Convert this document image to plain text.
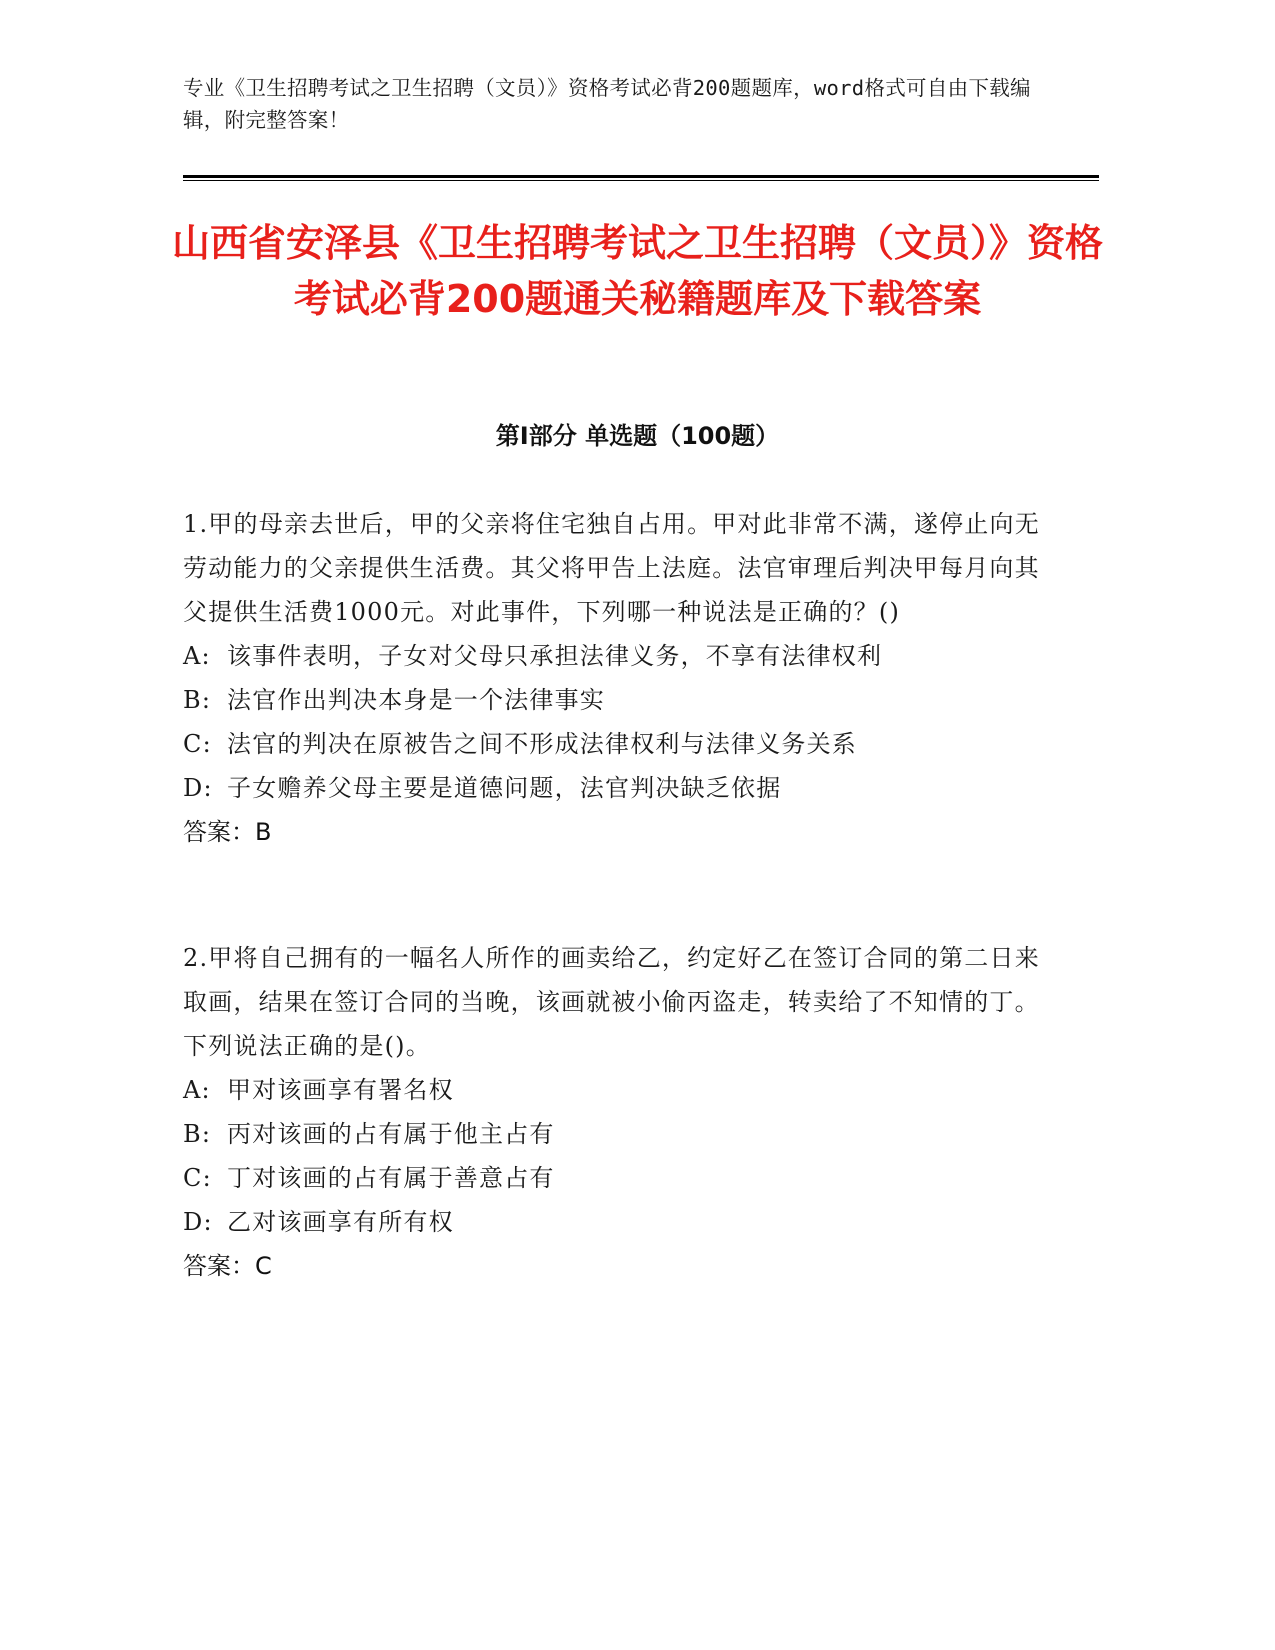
专业《卫生招聘考试之卫生招聘（文员）》资格考试必背200题题库，word格式可自由下载编辑，附完整答案！
山西省安泽县《卫生招聘考试之卫生招聘（文员）》资格考试必背200题通关秘籍题库及下载答案
第I部分 单选题（100题）
1.甲的母亲去世后，甲的父亲将住宅独自占用。甲对此非常不满，遂停止向无劳动能力的父亲提供生活费。其父将甲告上法庭。法官审理后判决甲每月向其父提供生活费1000元。对此事件，下列哪一种说法是正确的？()
A: 该事件表明，子女对父母只承担法律义务，不享有法律权利
B: 法官作出判决本身是一个法律事实
C: 法官的判决在原被告之间不形成法律权利与法律义务关系
D: 子女赡养父母主要是道德问题，法官判决缺乏依据
答案：B
2.甲将自己拥有的一幅名人所作的画卖给乙，约定好乙在签订合同的第二日来取画，结果在签订合同的当晚，该画就被小偷丙盗走，转卖给了不知情的丁。下列说法正确的是()。
A: 甲对该画享有署名权
B: 丙对该画的占有属于他主占有
C: 丁对该画的占有属于善意占有
D: 乙对该画享有所有权
答案：C
